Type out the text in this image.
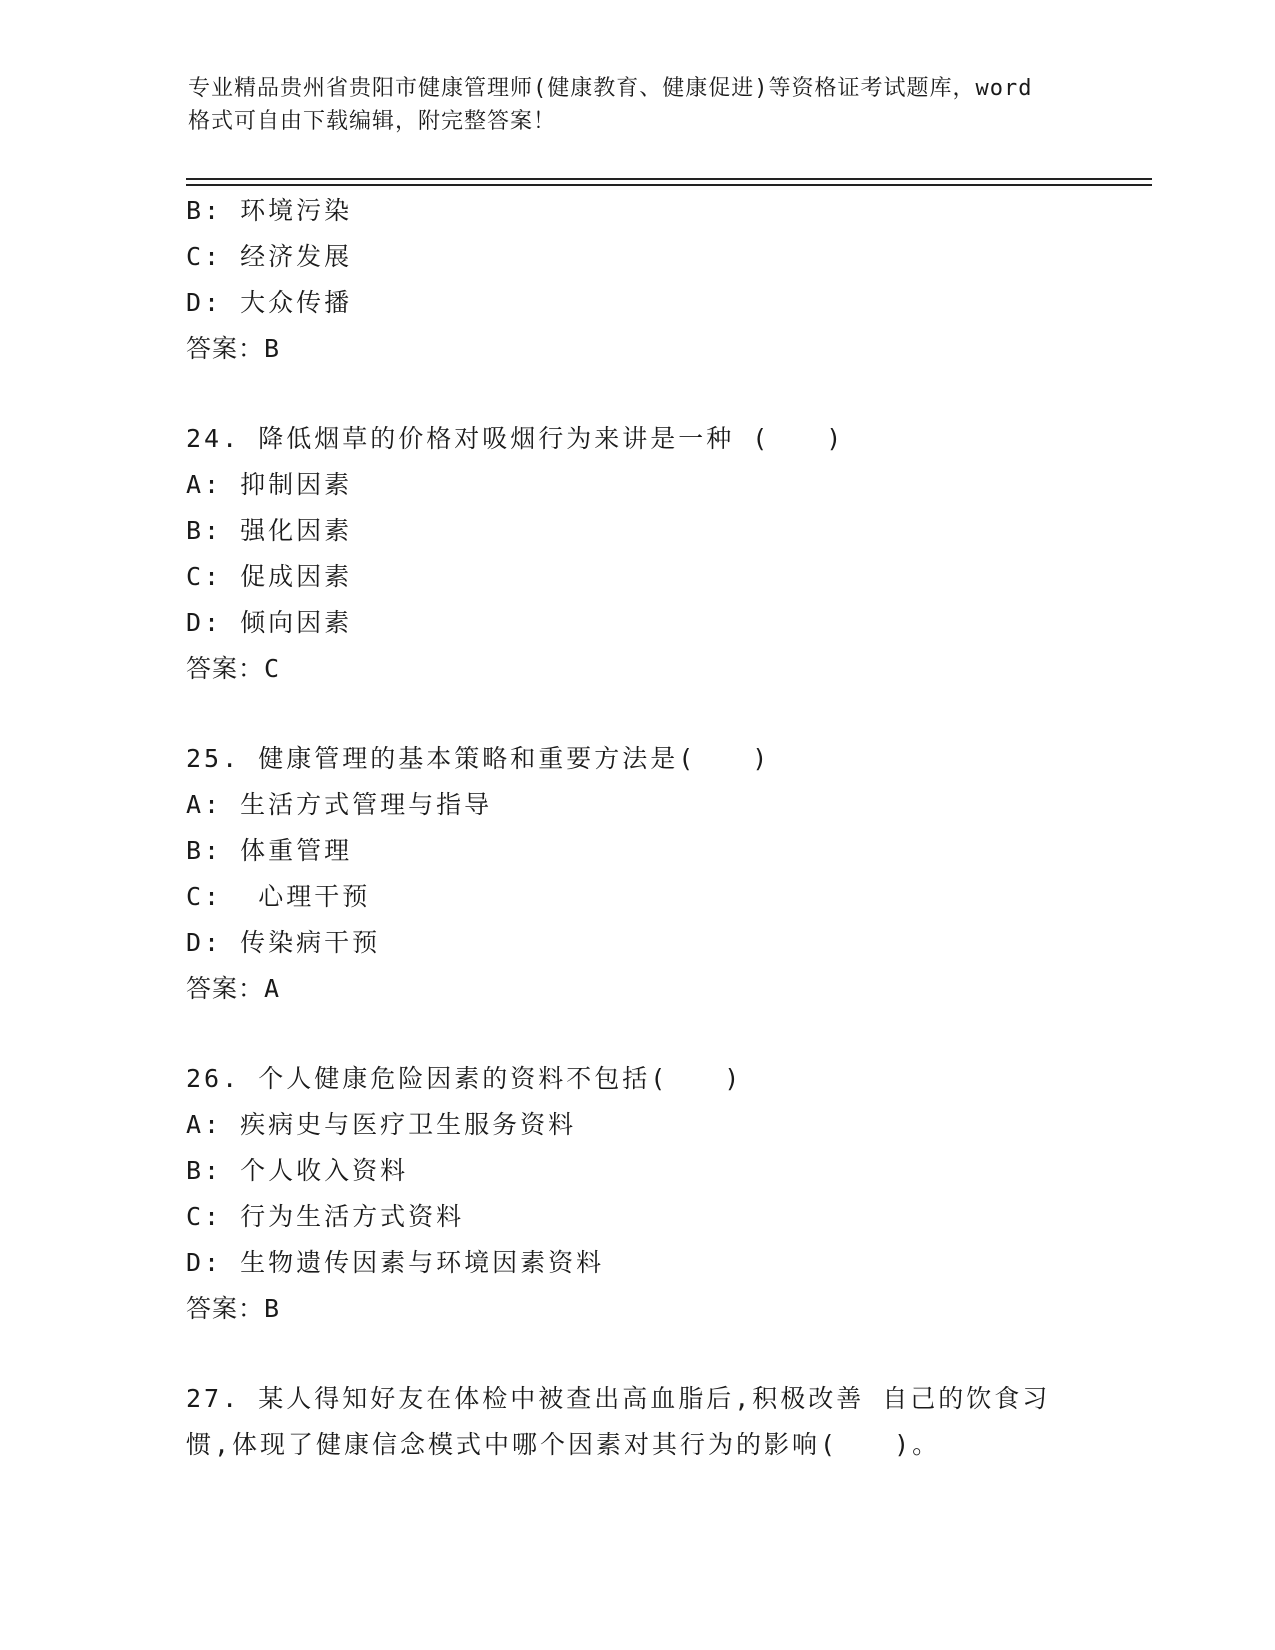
专业精品贵州省贵阳市健康管理师(健康教育、健康促进)等资格证考试题库，word
格式可自由下载编辑，附完整答案！
B: 环境污染
C: 经济发展
D: 大众传播
答案：B
24. 降低烟草的价格对吸烟行为来讲是一种 (　　)
A: 抑制因素
B: 强化因素
C: 促成因素
D: 倾向因素
答案：C
25. 健康管理的基本策略和重要方法是(　　)
A: 生活方式管理与指导
B: 体重管理
C:  心理干预
D: 传染病干预
答案：A
26. 个人健康危险因素的资料不包括(　　)
A: 疾病史与医疗卫生服务资料
B: 个人收入资料
C: 行为生活方式资料
D: 生物遗传因素与环境因素资料
答案：B
27. 某人得知好友在体检中被查出高血脂后,积极改善 自己的饮食习
惯,体现了健康信念模式中哪个因素对其行为的影响(　　)。
